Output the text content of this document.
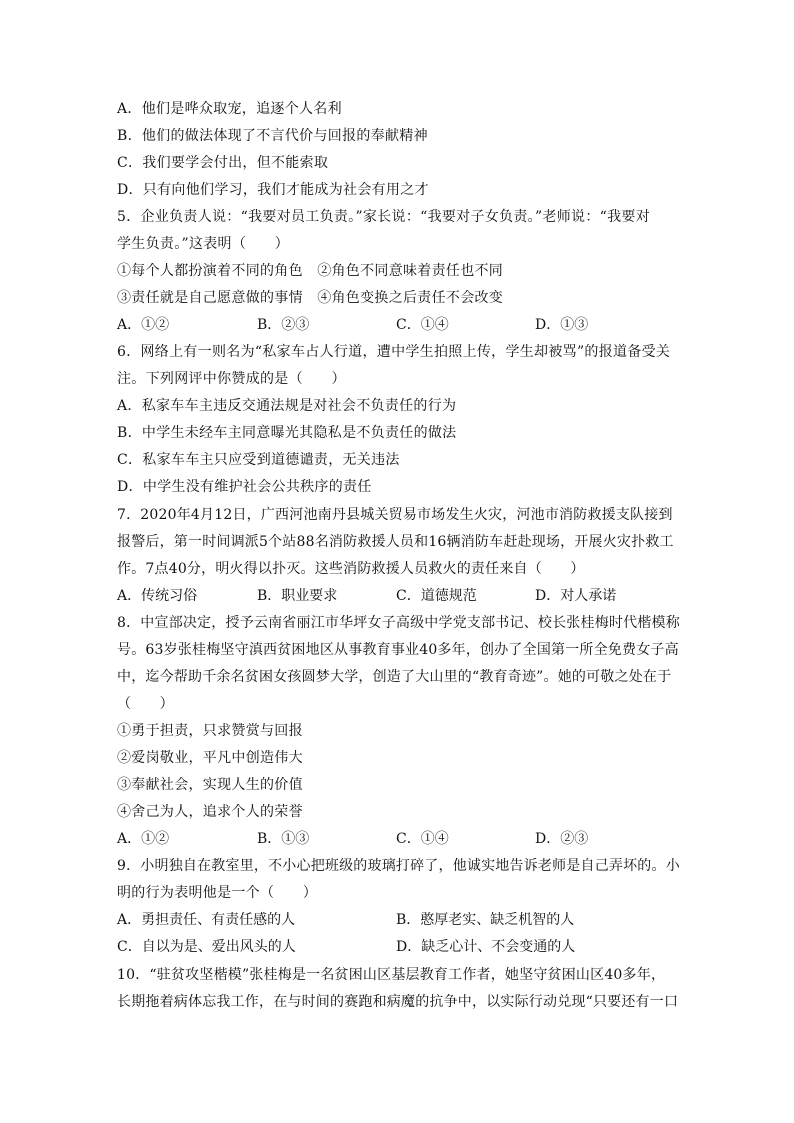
A．他们是哗众取宠，追逐个人名利
B．他们的做法体现了不言代价与回报的奉献精神
C．我们要学会付出，但不能索取
D．只有向他们学习，我们才能成为社会有用之才
5．企业负责人说：“我要对员工负责。”家长说：“我要对子女负责。”老师说：“我要对
学生负责。”这表明（　　）
①每个人都扮演着不同的角色　②角色不同意味着责任也不同
③责任就是自己愿意做的事情　④角色变换之后责任不会改变
A．①②	B．②③	C．①④	D．①③
6．网络上有一则名为“私家车占人行道，遭中学生拍照上传，学生却被骂”的报道备受关
注。下列网评中你赞成的是（　　）
A．私家车车主违反交通法规是对社会不负责任的行为
B．中学生未经车主同意曝光其隐私是不负责任的做法
C．私家车车主只应受到道德谴责，无关违法
D．中学生没有维护社会公共秩序的责任
7．2020年4月12日，广西河池南丹县城关贸易市场发生火灾，河池市消防救援支队接到
报警后，第一时间调派5个站88名消防救援人员和16辆消防车赶赴现场，开展火灾扑救工
作。7点40分，明火得以扑灭。这些消防救援人员救火的责任来自（　　）
A．传统习俗	B．职业要求	C．道德规范	D．对人承诺
8．中宣部决定，授予云南省丽江市华坪女子高级中学党支部书记、校长张桂梅时代楷模称
号。63岁张桂梅坚守滇西贫困地区从事教育事业40多年，创办了全国第一所全免费女子高
中，迄今帮助千余名贫困女孩圆梦大学，创造了大山里的“教育奇迹”。她的可敬之处在于
（　　）
①勇于担责，只求赞赏与回报
②爱岗敬业，平凡中创造伟大
③奉献社会，实现人生的价值
④舍己为人，追求个人的荣誉
A．①②	B．①③	C．①④	D．②③
9．小明独自在教室里，不小心把班级的玻璃打碎了，他诚实地告诉老师是自己弄坏的。小
明的行为表明他是一个（　　）
A．勇担责任、有责任感的人	B．憨厚老实、缺乏机智的人
C．自以为是、爱出风头的人	D．缺乏心计、不会变通的人
10．“驻贫攻坚楷模”张桂梅是一名贫困山区基层教育工作者，她坚守贫困山区40多年，
长期拖着病体忘我工作，在与时间的赛跑和病魔的抗争中，以实际行动兑现“只要还有一口
